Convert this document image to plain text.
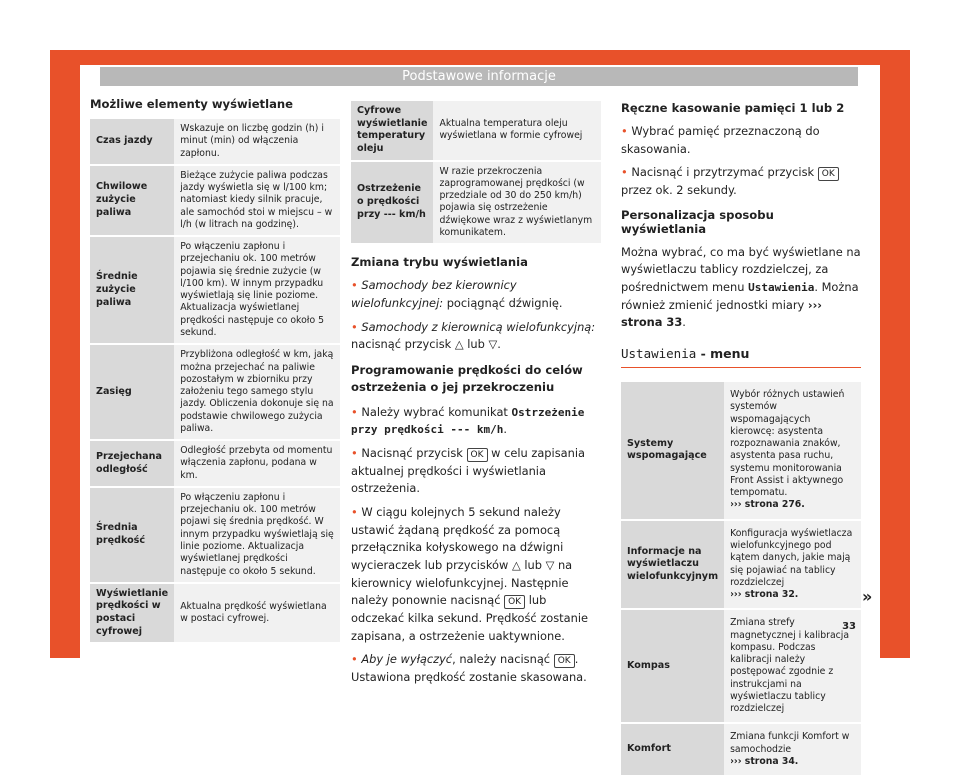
Podstawowe informacje
Możliwe elementy wyświetlane
Czas jazdy	Wskazuje on liczbę godzin (h) i minut (min) od włączenia zapłonu.
Chwilowe zużycie paliwa	Bieżące zużycie paliwa podczas jazdy wyświetla się w l/100 km; natomiast kiedy silnik pracuje, ale samochód stoi w miejscu – w l/h (w litrach na godzinę).
Średnie zużycie paliwa	Po włączeniu zapłonu i przejechaniu ok. 100 metrów pojawia się średnie zużycie (w l/100 km). W innym przypadku wyświetlają się linie poziome. Aktualizacja wyświetlanej prędkości następuje co około 5 sekund.
Zasięg	Przybliżona odległość w km, jaką można przejechać na paliwie pozostałym w zbiorniku przy założeniu tego samego stylu jazdy. Obliczenia dokonuje się na podstawie chwilowego zużycia paliwa.
Przejechana odległość	Odległość przebyta od momentu włączenia zapłonu, podana w km.
Średnia prędkość	Po włączeniu zapłonu i przejechaniu ok. 100 metrów pojawi się średnia prędkość. W innym przypadku wyświetlają się linie poziome. Aktualizacja wyświetlanej prędkości następuje co około 5 sekund.
Wyświetlanie prędkości w postaci cyfrowej	Aktualna prędkość wyświetlana w postaci cyfrowej.
Cyfrowe wyświetlanie temperatury oleju	Aktualna temperatura oleju wyświetlana w formie cyfrowej
Ostrzeżenie o prędkości przy --- km/h	W razie przekroczenia zaprogramowanej prędkości (w przedziale od 30 do 250 km/h) pojawia się ostrzeżenie dźwiękowe wraz z wyświetlanym komunikatem.
Zmiana trybu wyświetlania

• Samochody bez kierownicy wielofunkcyjnej: pociągnąć dźwignię.

• Samochody z kierownicą wielofunkcyjną: nacisnąć przycisk △ lub ▽.

Programowanie prędkości do celów ostrzeżenia o jej przekroczeniu

• Należy wybrać komunikat Ostrzeżenie przy prędkości --- km/h.

• Nacisnąć przycisk OK w celu zapisania aktualnej prędkości i wyświetlania ostrzeżenia.

• W ciągu kolejnych 5 sekund należy ustawić żądaną prędkość za pomocą przełącznika kołyskowego na dźwigni wycieraczek lub przycisków △ lub ▽ na kierownicy wielofunkcyjnej. Następnie należy ponownie nacisnąć OK lub odczekać kilka sekund. Prędkość zostanie zapisana, a ostrzeżenie uaktywnione.

• Aby je wyłączyć, należy nacisnąć OK . Ustawiona prędkość zostanie skasowana.

Ręczne kasowanie pamięci 1 lub 2

• Wybrać pamięć przeznaczoną do skasowania.

• Nacisnąć i przytrzymać przycisk OK przez ok. 2 sekundy.

Personalizacja sposobu wyświetlania

Można wybrać, co ma być wyświetlane na wyświetlaczu tablicy rozdzielczej, za pośrednictwem menu Ustawienia. Można również zmienić jednostki miary ››› strona 33.

Ustawienia - menu
Systemy wspomagające	Wybór różnych ustawień systemów wspomagających kierowcę: asystenta rozpoznawania znaków, asystenta pasa ruchu, systemu monitorowania Front Assist i aktywnego tempomatu.
››› strona 276.
Informacje na wyświetlaczu wielofunkcyjnym	Konfiguracja wyświetlacza wielofunkcyjnego pod kątem danych, jakie mają się pojawiać na tablicy rozdzielczej
››› strona 32.
Kompas	Zmiana strefy magnetycznej i kalibracja kompasu. Podczas kalibracji należy postępować zgodnie z instrukcjami na wyświetlaczu tablicy rozdzielczej
Komfort	Zmiana funkcji Komfort w samochodzie
››› strona 34.
»
33
